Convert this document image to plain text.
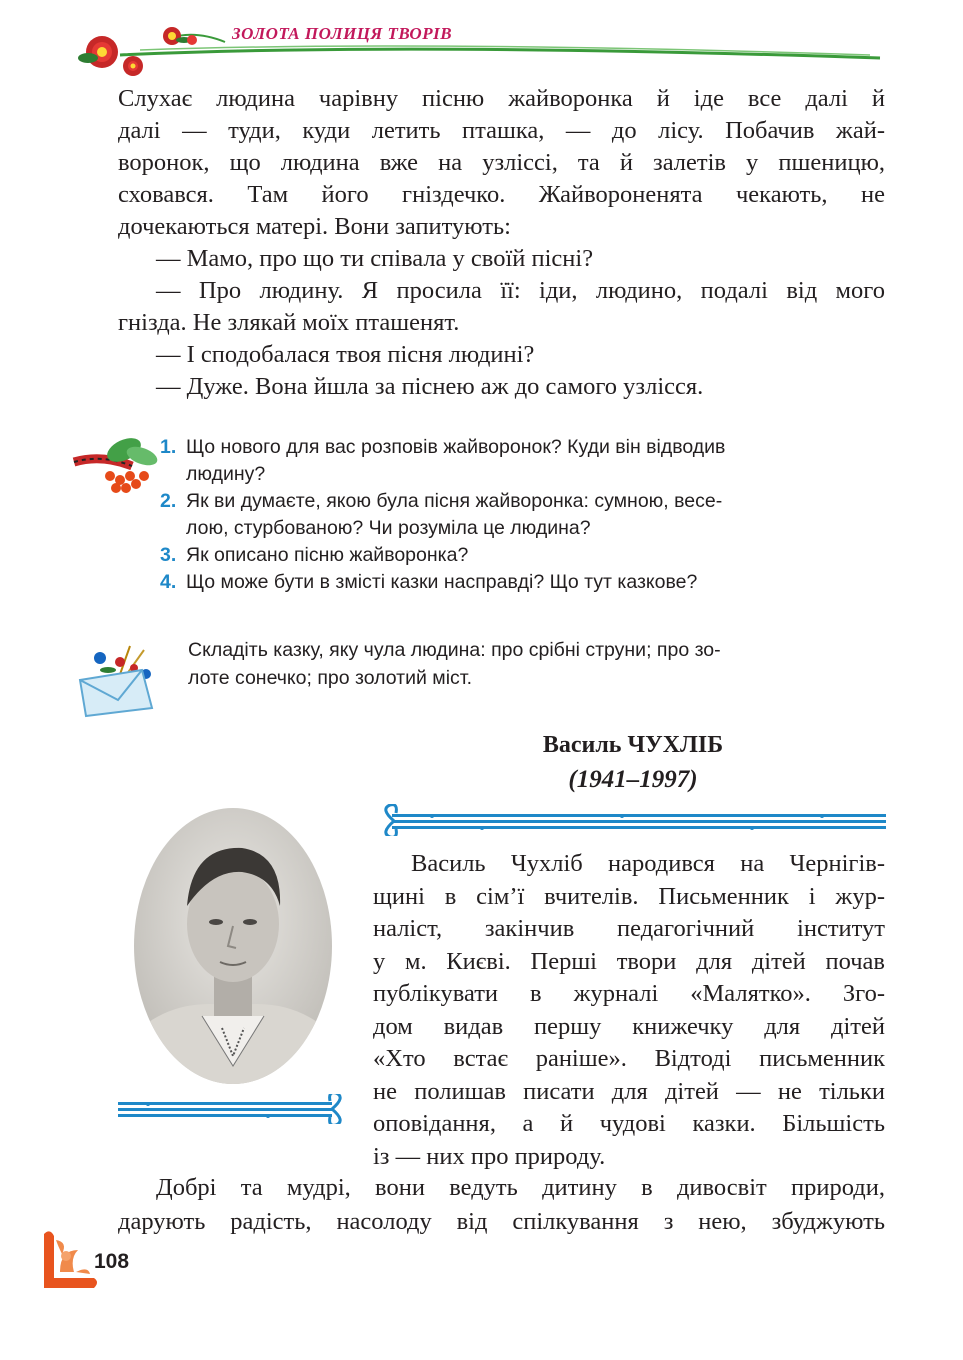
ЗОЛОТА ПОЛИЦЯ ТВОРІВ

Слухає людина чарівну пісню жайворонка й іде все далі й

далі — туди, куди летить пташка, — до лісу. Побачив жай-

воронок, що людина вже на узліссі, та й залетів у пшеницю,

сховався. Там його гніздечко. Жайвороненята чекають, не

дочекаються матері. Вони запитують:

— Мамо, про що ти співала у своїй пісні?

— Про людину. Я просила її: іди, людино, подалі від мого

гнізда. Не злякай моїх пташенят.

— І сподобалася твоя пісня людині?

— Дуже. Вона йшла за піснею аж до самого узлісся.

1. Що нового для вас розповів жайворонок? Куди він відводив
людину?
2. Як ви думаєте, якою була пісня жайворонка: сумною, весе-
лою, стурбованою? Чи розуміла це людина?
3. Як описано пісню жайворонка?
4. Що може бути в змісті казки насправді? Що тут казкове?
Складіть казку, яку чула людина: про срібні струни; про зо-
лоте сонечко; про золотий міст.
Василь ЧУХЛІБ
(1941–1997)

Василь Чухліб народився на Чернігів-

щині в сім’ї вчителів. Письменник і жур-

наліст, закінчив педагогічний інститут

у м. Києві. Перші твори для дітей почав

публікувати в журналі «Малятко». Зго-

дом видав першу книжечку для дітей

«Хто встає раніше». Відтоді письменник

не полишав писати для дітей — не тільки

оповідання, а й чудові казки. Більшість

із — них про природу.

Добрі та мудрі, вони ведуть дитину в дивосвіт природи,

дарують радість, насолоду від спілкування з нею, збуджують

108
